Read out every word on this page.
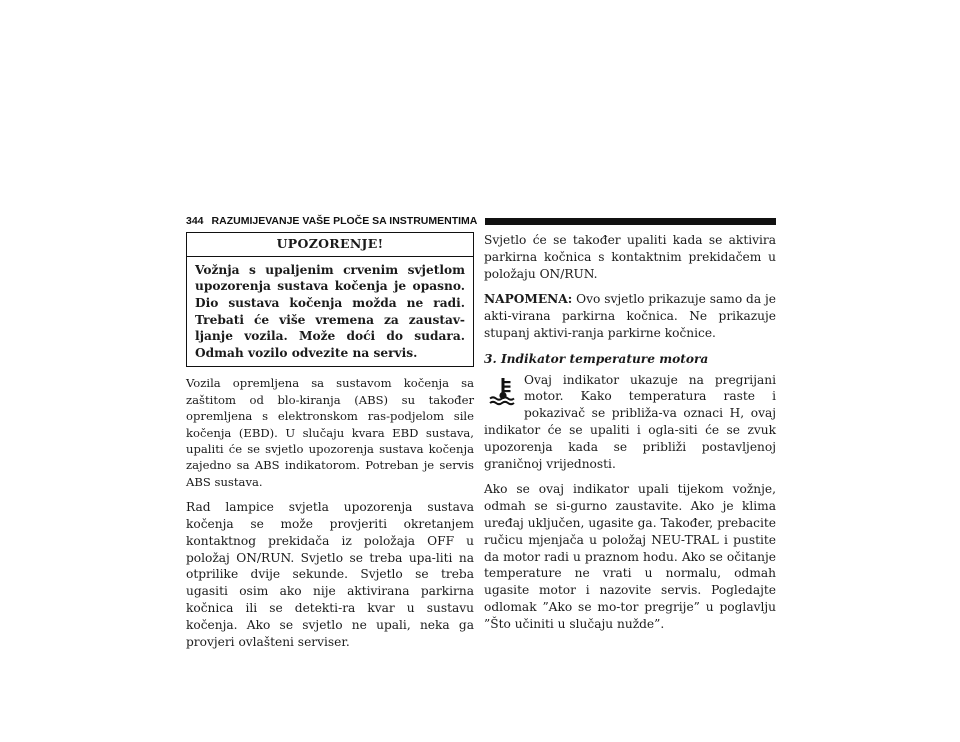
344 RAZUMIJEVANJE VAŠE PLOČE SA INSTRUMENTIMA
UPOZORENJE!
Vožnja s upaljenim crvenim svjetlom upozorenja sustava kočenja je opasno. Dio sustava kočenja možda ne radi. Trebati će više vremena za zaustav-ljanje vozila. Može doći do sudara. Odmah vozilo odvezite na servis.

Vozila opremljena sa sustavom kočenja sa zaštitom od blo-kiranja (ABS) su također opremljena s elektronskom ras-podjelom sile kočenja (EBD). U slučaju kvara EBD sustava, upaliti će se svjetlo upozorenja sustava kočenja zajedno sa ABS indikatorom. Potreban je servis ABS sustava.

Rad lampice svjetla upozorenja sustava kočenja se može provjeriti okretanjem kontaktnog prekidača iz položaja OFF u položaj ON/RUN. Svjetlo se treba upa-liti na otprilike dvije sekunde. Svjetlo se treba ugasiti osim ako nije aktivirana parkirna kočnica ili se detekti-ra kvar u sustavu kočenja. Ako se svjetlo ne upali, neka ga provjeri ovlašteni serviser.

Svjetlo će se također upaliti kada se aktivira parkirna kočnica s kontaktnim prekidačem u položaju ON/RUN.

NAPOMENA: Ovo svjetlo prikazuje samo da je akti-virana parkirna kočnica. Ne prikazuje stupanj aktivi-ranja parkirne kočnice.

3. Indikator temperature motora

Ovaj indikator ukazuje na pregrijani motor. Kako temperatura raste i pokazivač se približa-va oznaci H, ovaj indikator će se upaliti i ogla-siti će se zvuk upozorenja kada se približi postavljenoj graničnoj vrijednosti.

Ako se ovaj indikator upali tijekom vožnje, odmah se si-gurno zaustavite. Ako je klima uređaj uključen, ugasite ga. Također, prebacite ručicu mjenjača u položaj NEU-TRAL i pustite da motor radi u praznom hodu. Ako se očitanje temperature ne vrati u normalu, odmah ugasite motor i nazovite servis. Pogledajte odlomak ”Ako se mo-tor pregrije” u poglavlju ”Što učiniti u slučaju nužde”.
